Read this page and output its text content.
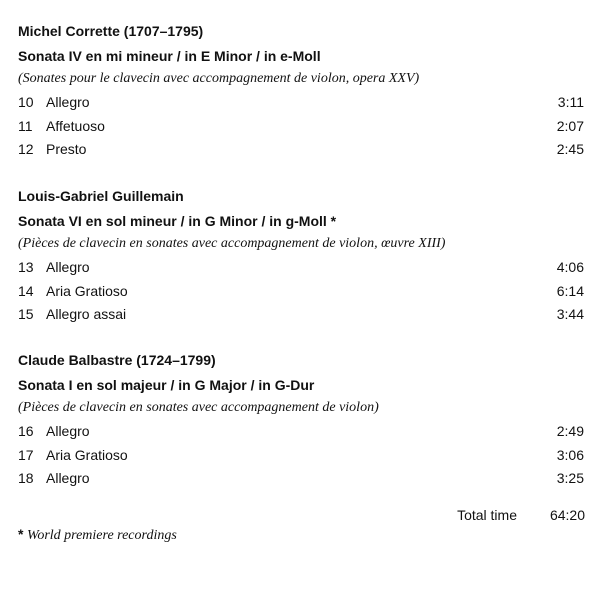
Michel Corrette (1707–1795)
Sonata IV en mi mineur / in E Minor / in e-Moll
(Sonates pour le clavecin avec accompagnement de violon, opera XXV)
10 Allegro	3:11
11 Affetuoso	2:07
12 Presto	2:45
Louis-Gabriel Guillemain
Sonata VI en sol mineur / in G Minor / in g-Moll *
(Pièces de clavecin en sonates avec accompagnement de violon, œuvre XIII)
13 Allegro	4:06
14 Aria Gratioso	6:14
15 Allegro assai	3:44
Claude Balbastre (1724–1799)
Sonata I en sol majeur / in G Major / in G-Dur
(Pièces de clavecin en sonates avec accompagnement de violon)
16 Allegro	2:49
17 Aria Gratioso	3:06
18 Allegro	3:25
Total time 64:20
* World premiere recordings
